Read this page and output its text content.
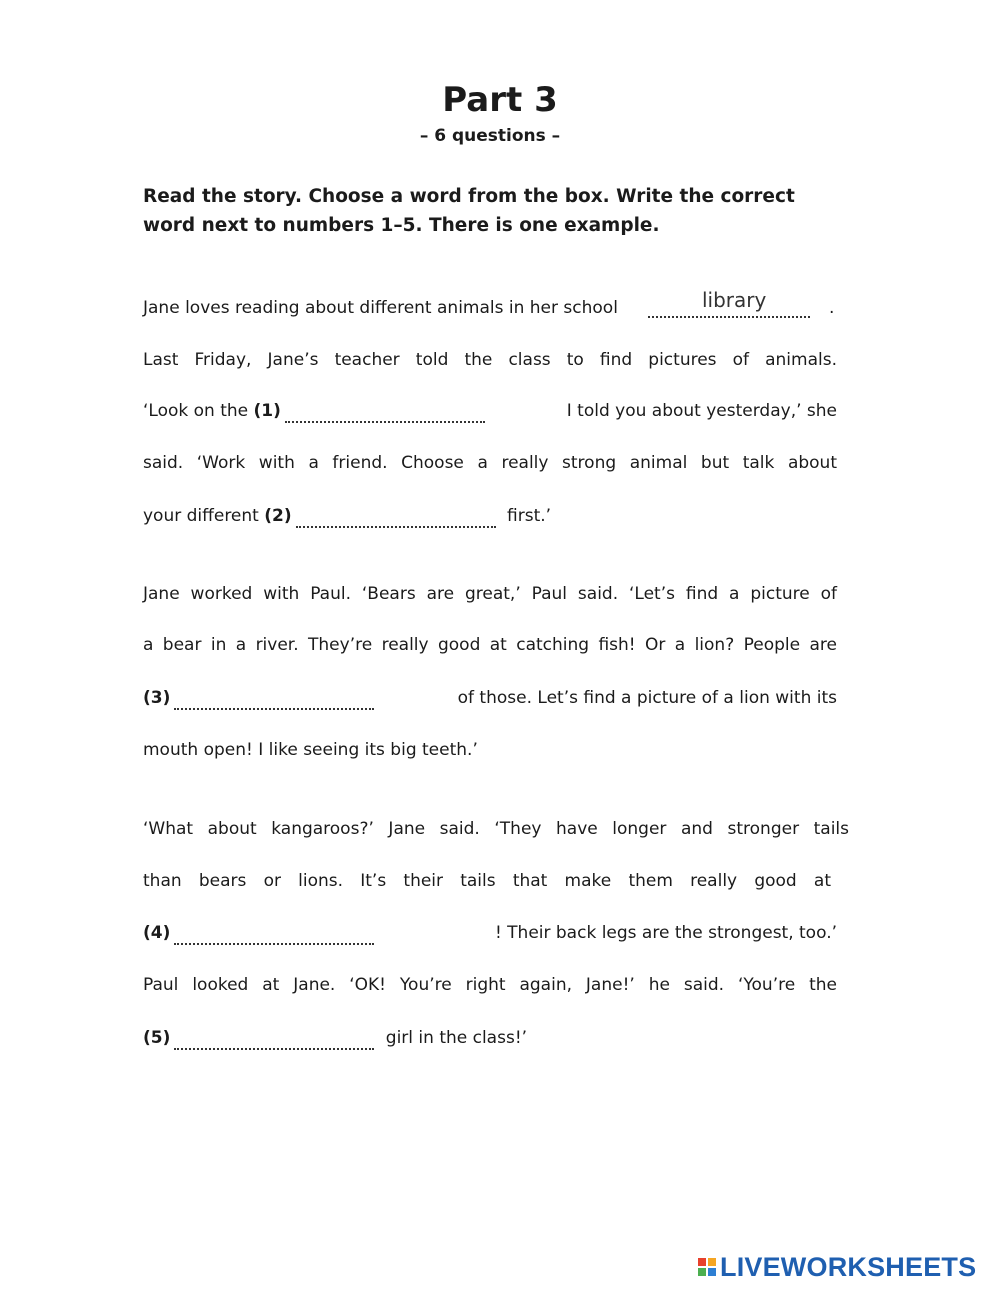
Part 3
– 6 questions –
Read the story. Choose a word from the box. Write the correct word next to numbers 1–5. There is one example.
Jane loves reading about different animals in her school	library	.
Last Friday, Jane’s teacher told the class to find pictures of animals.
‘Look on the (1)	I told you about yesterday,’ she
said. ‘Work with a friend. Choose a really strong animal but talk about
your different (2)	first.’
Jane worked with Paul. ‘Bears are great,’ Paul said. ‘Let’s find a picture of
a bear in a river. They’re really good at catching fish! Or a lion? People are
(3)	of those. Let’s find a picture of a lion with its
mouth open! I like seeing its big teeth.’
‘What about kangaroos?’ Jane said. ‘They have longer and stronger tails
than bears or lions. It’s their tails that make them really good at
(4)	! Their back legs are the strongest, too.’
Paul looked at Jane. ‘OK! You’re right again, Jane!’ he said. ‘You’re the
(5)	girl in the class!’
LIVEWORKSHEETS
